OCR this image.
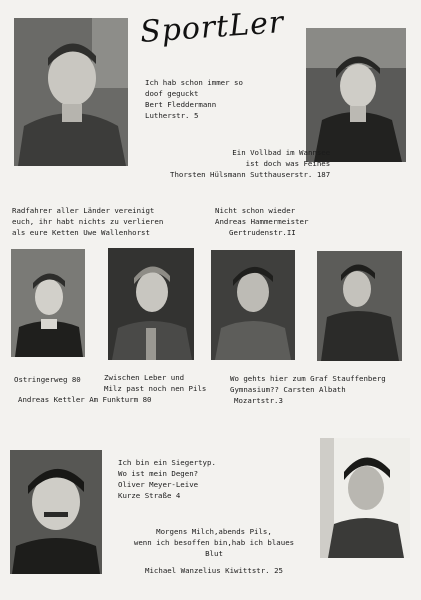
SportLer
Ich hab schon immer so
doof geguckt
Bert Fleddermann
Lutherstr. 5
Ein Vollbad im Wannsee
ist doch was Feines
Thorsten Hülsmann Sutthauserstr. 187
Radfahrer aller Länder vereinigt
euch, ihr habt nichts zu verlieren
als eure Ketten Uwe Wallenhorst
Nicht schon wieder
Andreas Hammermeister
Gertrudenstr.II
Ostringerweg 80	Zwischen Leber und
Milz past noch nen Pils
Andreas Kettler Am Funkturm 80
Wo gehts hier zum Graf Stauffenberg
Gymnasium?? Carsten Albath
Mozartstr.3
Ich bin ein Siegertyp.
Wo ist mein Degen?
Oliver Meyer-Leive
Kurze Straße 4
Morgens Milch,abends Pils,
wenn ich besoffen bin,hab ich blaues
Blut
Michael Wanzelius Kiwittstr. 25
